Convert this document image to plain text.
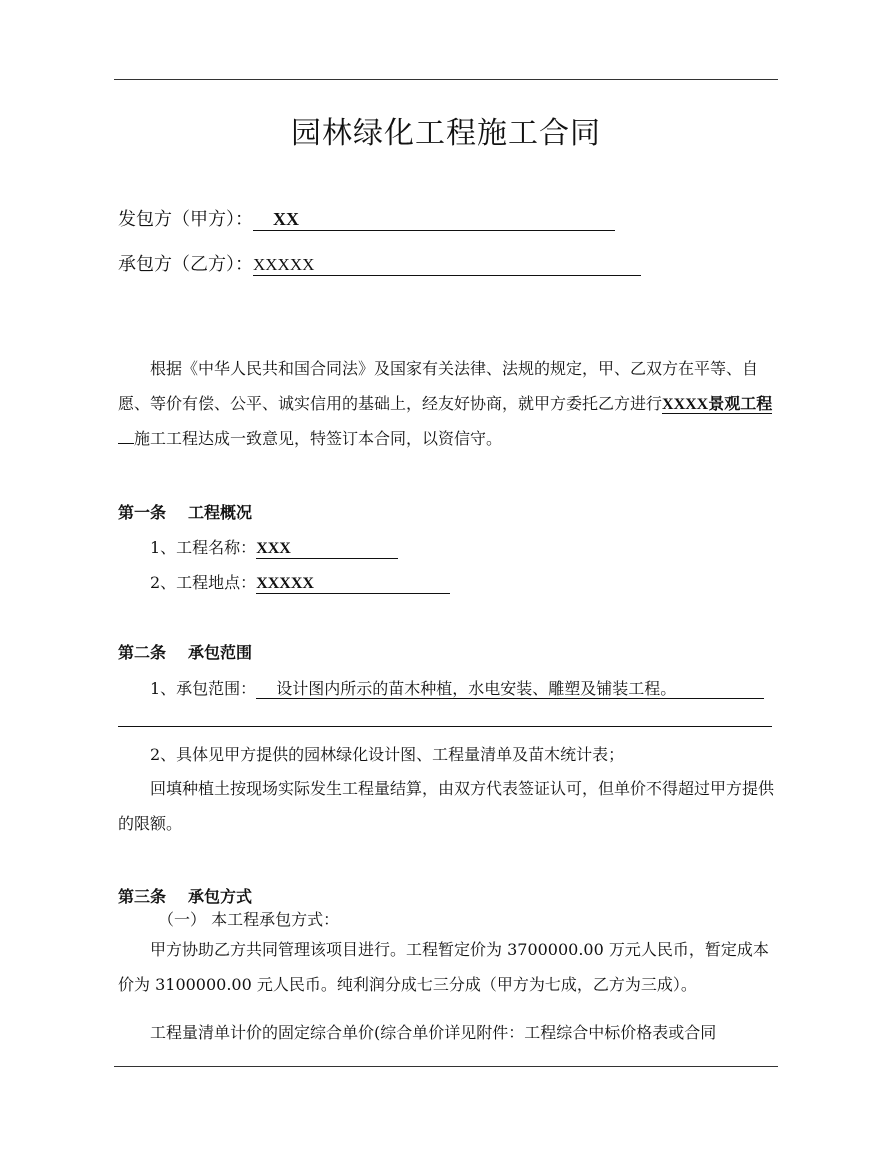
园林绿化工程施工合同
发包方（甲方）： XX
承包方（乙方）：XXXXX
根据《中华人民共和国合同法》及国家有关法律、法规的规定，甲、乙双方在平等、自愿、等价有偿、公平、诚实信用的基础上，经友好协商，就甲方委托乙方进行XXXX景观工程施工工程达成一致意见，特签订本合同，以资信守。
第一条 工程概况
1、工程名称：XXX
2、工程地点：XXXXX
第二条 承包范围
1、承包范围： 设计图内所示的苗木种植，水电安装、雕塑及铺装工程。
2、具体见甲方提供的园林绿化设计图、工程量清单及苗木统计表；
回填种植土按现场实际发生工程量结算，由双方代表签证认可，但单价不得超过甲方提供的限额。
第三条 承包方式
（一） 本工程承包方式：
甲方协助乙方共同管理该项目进行。工程暂定价为 3700000.00 万元人民币，暂定成本价为 3100000.00 元人民币。纯利润分成七三分成（甲方为七成，乙方为三成）。
工程量清单计价的固定综合单价(综合单价详见附件：工程综合中标价格表或合同
